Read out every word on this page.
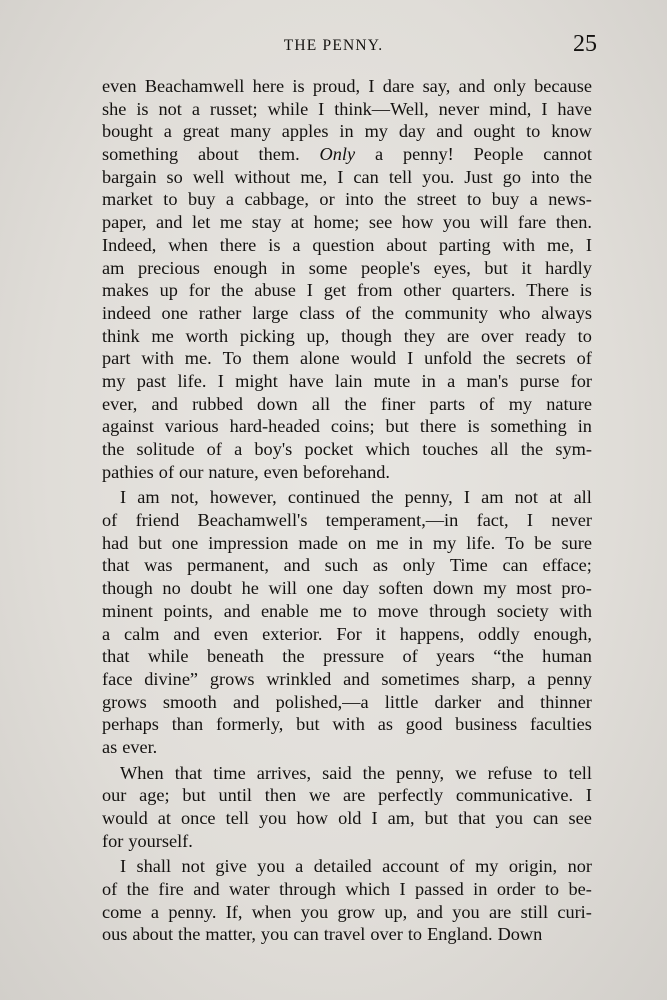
THE PENNY.	25
even Beachamwell here is proud, I dare say, and only because
she is not a russet; while I think—Well, never mind, I have
bought a great many apples in my day and ought to know
something about them. Only a penny! People cannot
bargain so well without me, I can tell you. Just go into the
market to buy a cabbage, or into the street to buy a news-
paper, and let me stay at home; see how you will fare then.
Indeed, when there is a question about parting with me, I
am precious enough in some people's eyes, but it hardly
makes up for the abuse I get from other quarters. There is
indeed one rather large class of the community who always
think me worth picking up, though they are over ready to
part with me. To them alone would I unfold the secrets of
my past life. I might have lain mute in a man's purse for
ever, and rubbed down all the finer parts of my nature
against various hard-headed coins; but there is something in
the solitude of a boy's pocket which touches all the sym-
pathies of our nature, even beforehand.
I am not, however, continued the penny, I am not at all
of friend Beachamwell's temperament,—in fact, I never
had but one impression made on me in my life. To be sure
that was permanent, and such as only Time can efface;
though no doubt he will one day soften down my most pro-
minent points, and enable me to move through society with
a calm and even exterior. For it happens, oddly enough,
that while beneath the pressure of years “the human
face divine” grows wrinkled and sometimes sharp, a penny
grows smooth and polished,—a little darker and thinner
perhaps than formerly, but with as good business faculties
as ever.
When that time arrives, said the penny, we refuse to tell
our age; but until then we are perfectly communicative. I
would at once tell you how old I am, but that you can see
for yourself.
I shall not give you a detailed account of my origin, nor
of the fire and water through which I passed in order to be-
come a penny. If, when you grow up, and you are still curi-
ous about the matter, you can travel over to England. Down
